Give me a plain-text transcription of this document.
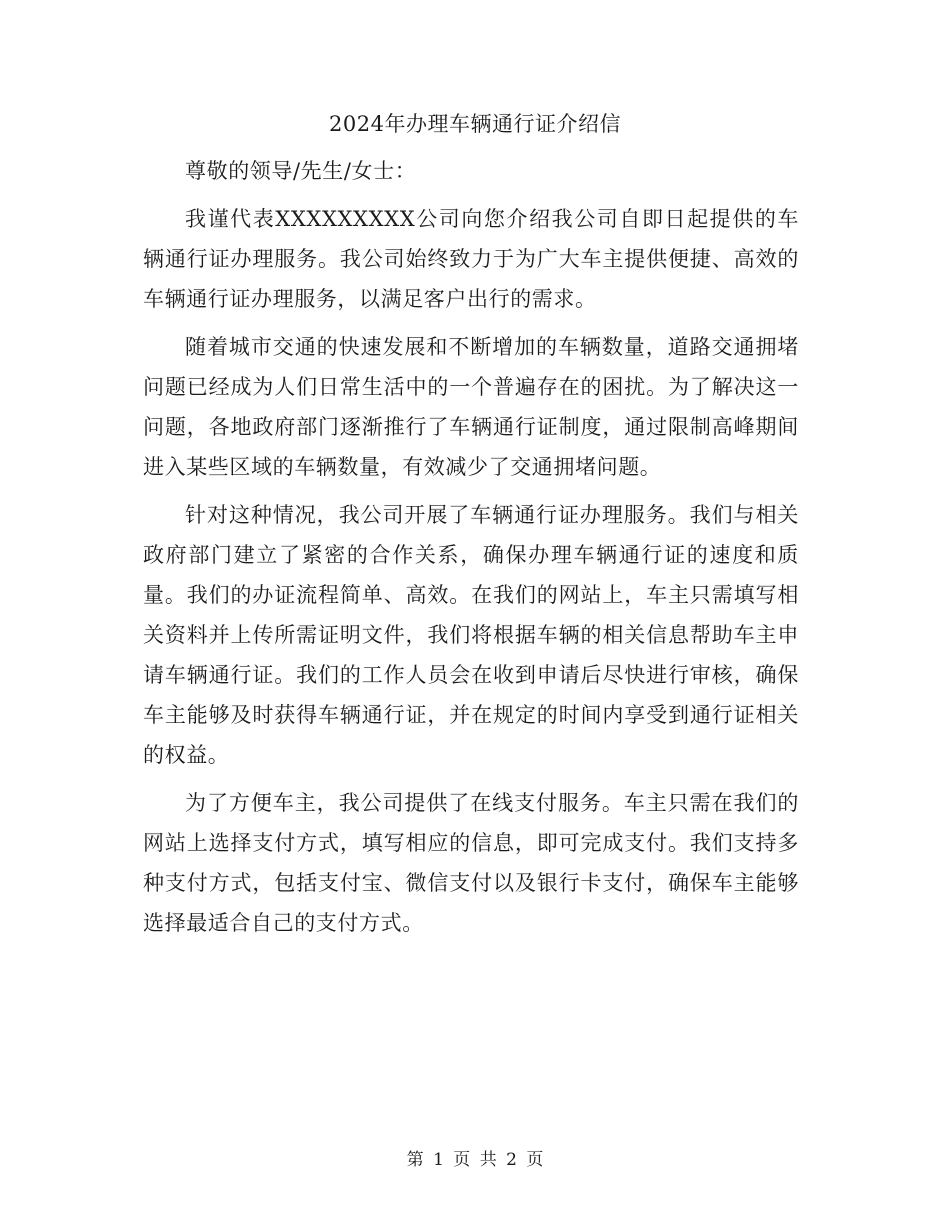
2024年办理车辆通行证介绍信

尊敬的领导/先生/女士：

我谨代表XXXXXXXXX公司向您介绍我公司自即日起提供的车辆通行证办理服务。我公司始终致力于为广大车主提供便捷、高效的车辆通行证办理服务，以满足客户出行的需求。

随着城市交通的快速发展和不断增加的车辆数量，道路交通拥堵问题已经成为人们日常生活中的一个普遍存在的困扰。为了解决这一问题，各地政府部门逐渐推行了车辆通行证制度，通过限制高峰期间进入某些区域的车辆数量，有效减少了交通拥堵问题。

针对这种情况，我公司开展了车辆通行证办理服务。我们与相关政府部门建立了紧密的合作关系，确保办理车辆通行证的速度和质量。我们的办证流程简单、高效。在我们的网站上，车主只需填写相关资料并上传所需证明文件，我们将根据车辆的相关信息帮助车主申请车辆通行证。我们的工作人员会在收到申请后尽快进行审核，确保车主能够及时获得车辆通行证，并在规定的时间内享受到通行证相关的权益。

为了方便车主，我公司提供了在线支付服务。车主只需在我们的网站上选择支付方式，填写相应的信息，即可完成支付。我们支持多种支付方式，包括支付宝、微信支付以及银行卡支付，确保车主能够选择最适合自己的支付方式。

第 1 页 共 2 页
